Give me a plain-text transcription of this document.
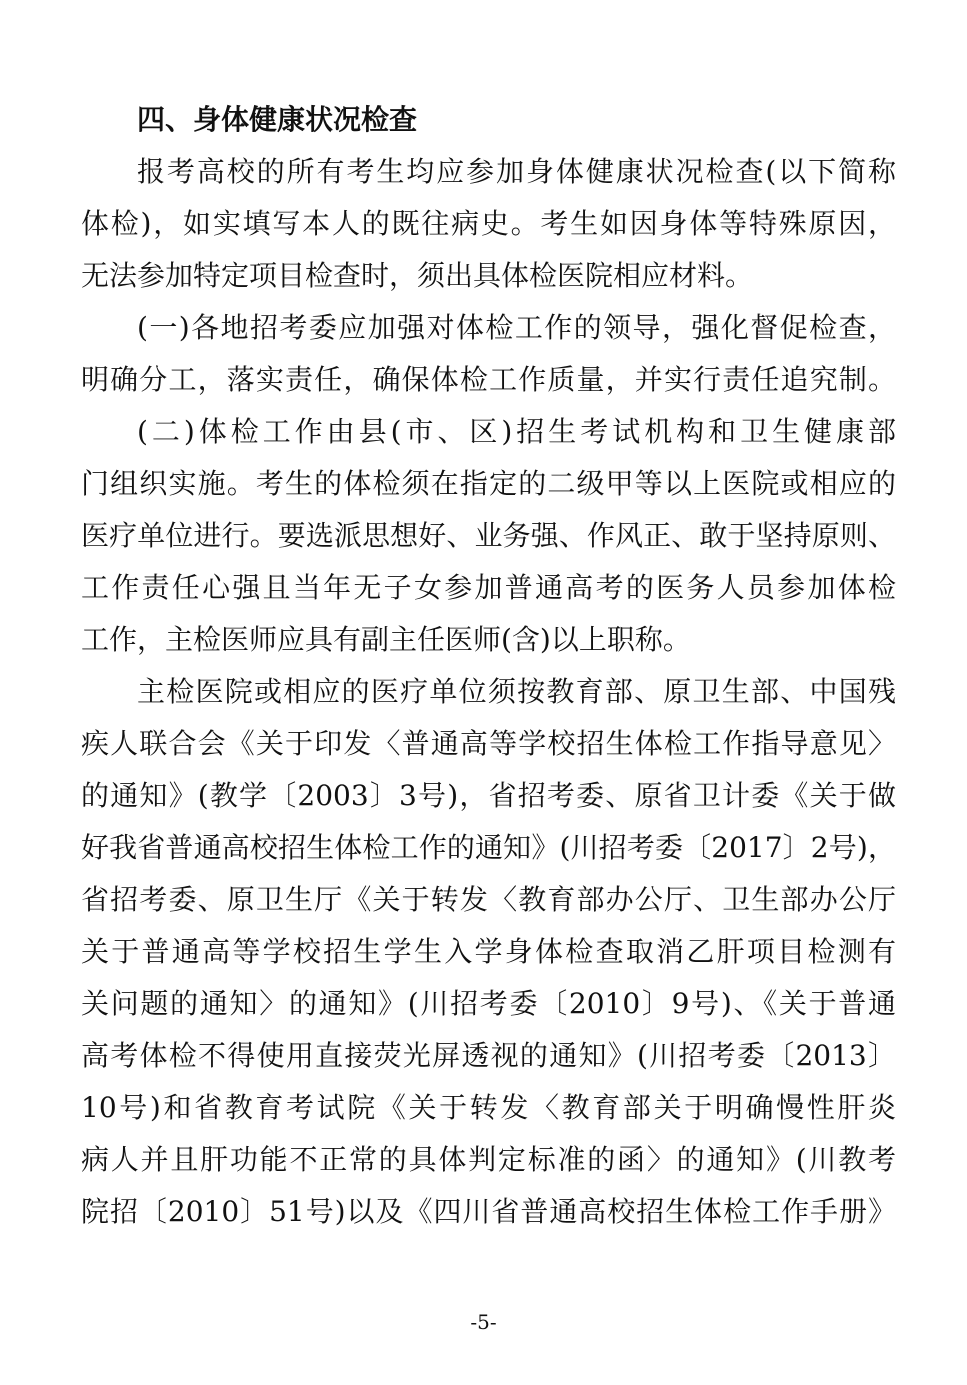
四、身体健康状况检查
报考高校的所有考生均应参加身体健康状况检查(以下简称
体检)，如实填写本人的既往病史。考生如因身体等特殊原因，
无法参加特定项目检查时，须出具体检医院相应材料。
(一)各地招考委应加强对体检工作的领导，强化督促检查，
明确分工，落实责任，确保体检工作质量，并实行责任追究制。
(二)体检工作由县(市、区)招生考试机构和卫生健康部
门组织实施。考生的体检须在指定的二级甲等以上医院或相应的
医疗单位进行。要选派思想好、业务强、作风正、敢于坚持原则、
工作责任心强且当年无子女参加普通高考的医务人员参加体检
工作，主检医师应具有副主任医师(含)以上职称。
主检医院或相应的医疗单位须按教育部、原卫生部、中国残
疾人联合会《关于印发〈普通高等学校招生体检工作指导意见〉
的通知》(教学〔2003〕3号)，省招考委、原省卫计委《关于做
好我省普通高校招生体检工作的通知》(川招考委〔2017〕2号)，
省招考委、原卫生厅《关于转发〈教育部办公厅、卫生部办公厅
关于普通高等学校招生学生入学身体检查取消乙肝项目检测有
关问题的通知〉的通知》(川招考委〔2010〕9号)、《关于普通
高考体检不得使用直接荧光屏透视的通知》(川招考委〔2013〕
10号)和省教育考试院《关于转发〈教育部关于明确慢性肝炎
病人并且肝功能不正常的具体判定标准的函〉的通知》(川教考
院招〔2010〕51号)以及《四川省普通高校招生体检工作手册》
-5-
